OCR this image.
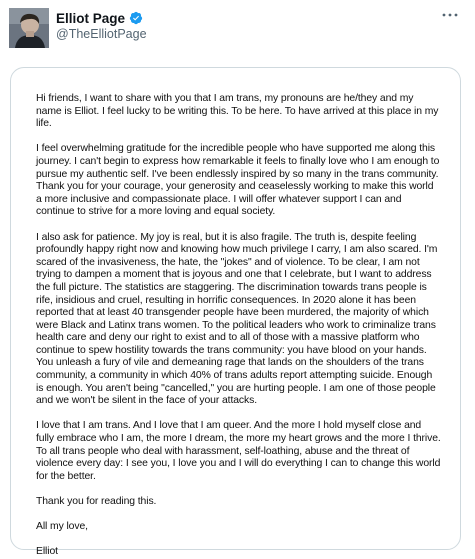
Elliot Page
@TheElliotPage

Hi friends, I want to share with you that I am trans, my pronouns are he/they and my name is Elliot. I feel lucky to be writing this. To be here. To have arrived at this place in my life.

I feel overwhelming gratitude for the incredible people who have supported me along this journey. I can't begin to express how remarkable it feels to finally love who I am enough to pursue my authentic self. I've been endlessly inspired by so many in the trans community. Thank you for your courage, your generosity and ceaselessly working to make this world a more inclusive and compassionate place. I will offer whatever support I can and continue to strive for a more loving and equal society.

I also ask for patience. My joy is real, but it is also fragile. The truth is, despite feeling profoundly happy right now and knowing how much privilege I carry, I am also scared. I'm scared of the invasiveness, the hate, the "jokes" and of violence. To be clear, I am not trying to dampen a moment that is joyous and one that I celebrate, but I want to address the full picture. The statistics are staggering. The discrimination towards trans people is rife, insidious and cruel, resulting in horrific consequences. In 2020 alone it has been reported that at least 40 transgender people have been murdered, the majority of which were Black and Latinx trans women. To the political leaders who work to criminalize trans health care and deny our right to exist and to all of those with a massive platform who continue to spew hostility towards the trans community: you have blood on your hands. You unleash a fury of vile and demeaning rage that lands on the shoulders of the trans community, a community in which 40% of trans adults report attempting suicide. Enough is enough. You aren't being "cancelled," you are hurting people. I am one of those people and we won't be silent in the face of your attacks.

I love that I am trans. And I love that I am queer. And the more I hold myself close and fully embrace who I am, the more I dream, the more my heart grows and the more I thrive. To all trans people who deal with harassment, self-loathing, abuse and the threat of violence every day: I see you, I love you and I will do everything I can to change this world for the better.

Thank you for reading this.

All my love,

Elliot
